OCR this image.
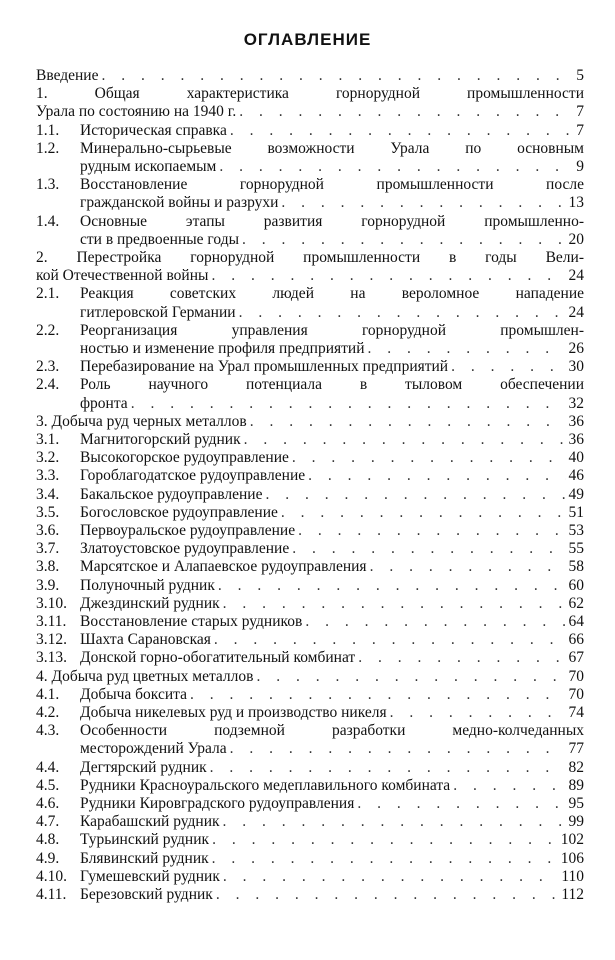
ОГЛАВЛЕНИЕ
Введение . . .	5
1. Общая характеристика горнорудной промышленности
Урала по состоянию на 1940 г. . . .	7
1.1. Историческая справка . . .	7
1.2. Минерально-сырьевые возможности Урала по основным
рудным ископаемым . . .	9
1.3. Восстановление горнорудной промышленности после
гражданской войны и разрухи . . .	13
1.4. Основные этапы развития горнорудной промышленно-
сти в предвоенные годы . . .	20
2. Перестройка горнорудной промышленности в годы Вели-
кой Отечественной войны . . .	24
2.1. Реакция советских людей на вероломное нападение
гитлеровской Германии . . .	24
2.2. Реорганизация управления горнорудной промышлен-
ностью и изменение профиля предприятий . . .	26
2.3. Перебазирование на Урал промышленных предприятий . . .	30
2.4. Роль научного потенциала в тыловом обеспечении
фронта . . .	32
3. Добыча руд черных металлов . . .	36
3.1. Магнитогорский рудник . . .	36
3.2. Высокогорское рудоуправление . . .	40
3.3. Гороблагодатское рудоуправление . . .	46
3.4. Бакальское рудоуправление . . .	49
3.5. Богословское рудоуправление . . .	51
3.6. Первоуральское рудоуправление . . .	53
3.7. Златоустовское рудоуправление . . .	55
3.8. Марсятское и Алапаевское рудоуправления . . .	58
3.9. Полуночный рудник . . .	60
3.10. Джездинский рудник . . .	62
3.11. Восстановление старых рудников . . .	64
3.12. Шахта Сарановская . . .	66
3.13. Донской горно-обогатительный комбинат . . .	67
4. Добыча руд цветных металлов . . .	70
4.1. Добыча боксита . . .	70
4.2. Добыча никелевых руд и производство никеля . . .	74
4.3. Особенности подземной разработки медно-колчеданных
месторождений Урала . . .	77
4.4. Дегтярский рудник . . .	82
4.5. Рудники Красноуральского медеплавильного комбината . . .	89
4.6. Рудники Кировградского рудоуправления . . .	95
4.7. Карабашский рудник . . .	99
4.8. Турьинский рудник . . .	102
4.9. Блявинский рудник . . .	106
4.10. Гумешевский рудник . . .	110
4.11. Березовский рудник . . .	112
